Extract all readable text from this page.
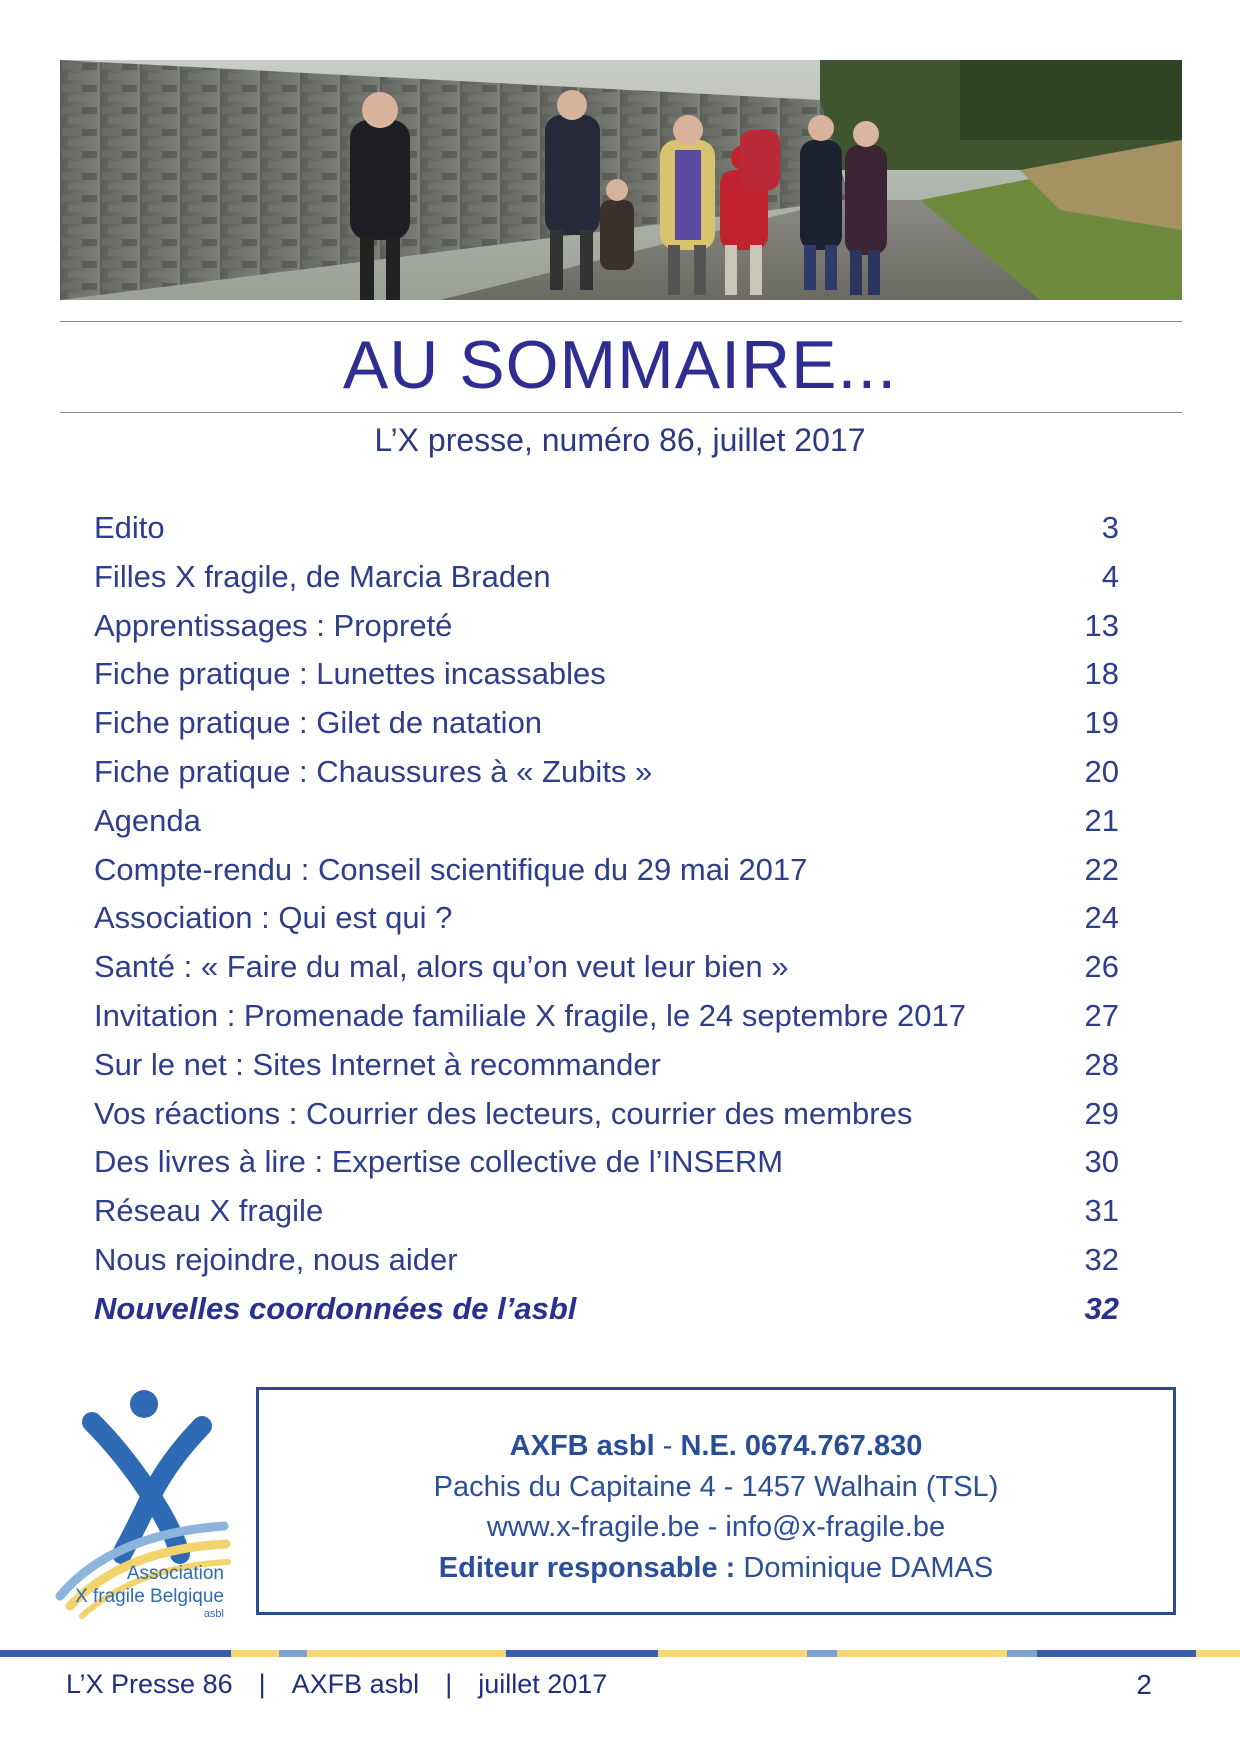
AU SOMMAIRE...
L’X presse, numéro 86, juillet 2017
Edito	3
Filles X fragile, de Marcia Braden	4
Apprentissages : Propreté	13
Fiche pratique : Lunettes incassables	18
Fiche pratique : Gilet de natation	19
Fiche pratique : Chaussures à « Zubits »	20
Agenda	21
Compte-rendu : Conseil scientifique du 29 mai 2017	22
Association : Qui est qui ?	24
Santé : « Faire du mal, alors qu’on veut leur bien »	26
Invitation : Promenade familiale X fragile, le 24 septembre 2017	27
Sur le net : Sites Internet à recommander	28
Vos réactions : Courrier des lecteurs, courrier des membres	29
Des livres à lire : Expertise collective de l’INSERM	30
Réseau X fragile	31
Nous rejoindre, nous aider	32
Nouvelles coordonnées de l’asbl	32
Association
X fragile Belgique
asbl
AXFB asbl - N.E. 0674.767.830
Pachis du Capitaine 4 - 1457 Walhain (TSL)
www.x-fragile.be - info@x-fragile.be
Editeur responsable : Dominique DAMAS
L’X Presse 86 | AXFB asbl | juillet 2017	2
